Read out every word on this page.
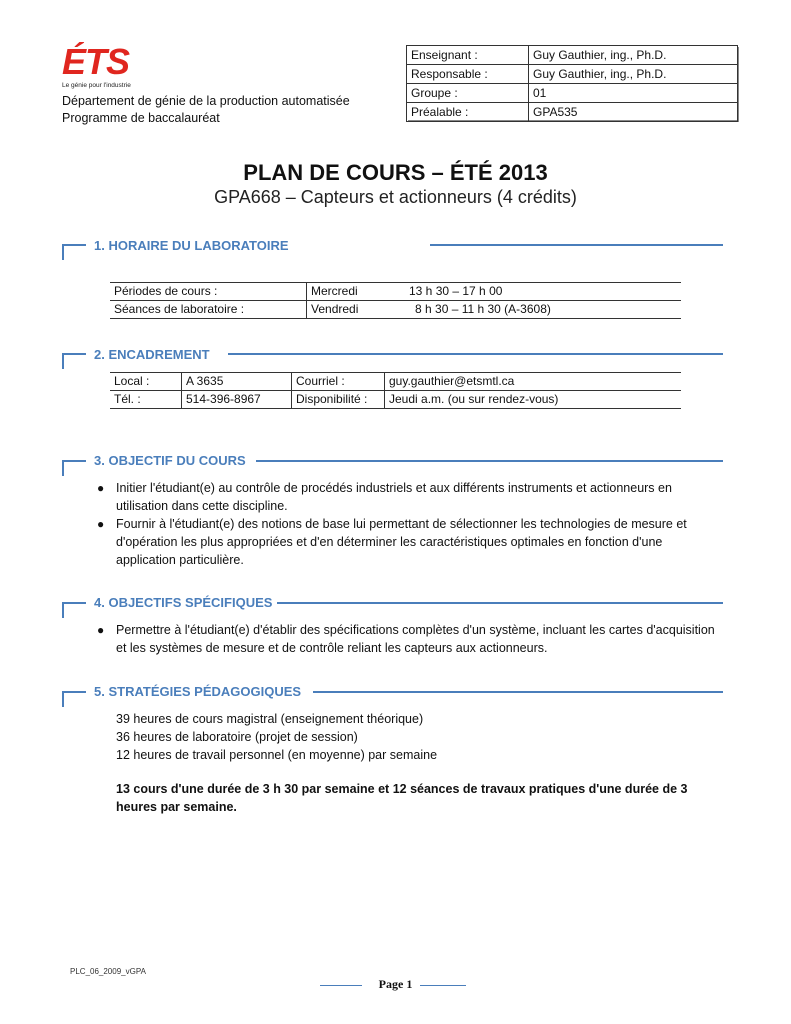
ÉTS
Le génie pour l'industrie
Département de génie de la production automatisée
Programme de baccalauréat
Enseignant :	Guy Gauthier, ing., Ph.D.
Responsable :	Guy Gauthier, ing., Ph.D.
Groupe :	01
Préalable :	GPA535
PLAN DE COURS – ÉTÉ 2013
GPA668 – Capteurs et actionneurs (4 crédits)
1. HORAIRE DU LABORATOIRE
Périodes de cours :	Mercredi	13 h 30 – 17 h 00
Séances de laboratoire :	Vendredi	8 h 30 – 11 h 30 (A-3608)
2. ENCADREMENT
Local :	A 3635	Courriel :	guy.gauthier@etsmtl.ca
Tél. :	514-396-8967	Disponibilité :	Jeudi a.m. (ou sur rendez-vous)
3. OBJECTIF DU COURS
● Initier l'étudiant(e) au contrôle de procédés industriels et aux différents instruments et actionneurs en utilisation dans cette discipline.
● Fournir à l'étudiant(e) des notions de base lui permettant de sélectionner les technologies de mesure et d'opération les plus appropriées et d'en déterminer les caractéristiques optimales en fonction d'une application particulière.
4. OBJECTIFS SPÉCIFIQUES
● Permettre à l'étudiant(e) d'établir des spécifications complètes d'un système, incluant les cartes d'acquisition et les systèmes de mesure et de contrôle reliant les capteurs aux actionneurs.
5. STRATÉGIES PÉDAGOGIQUES
39 heures de cours magistral (enseignement théorique)
36 heures de laboratoire (projet de session)
12 heures de travail personnel (en moyenne) par semaine
13 cours d'une durée de 3 h 30 par semaine et 12 séances de travaux pratiques d'une durée de 3 heures par semaine.
PLC_06_2009_vGPA
Page 1
